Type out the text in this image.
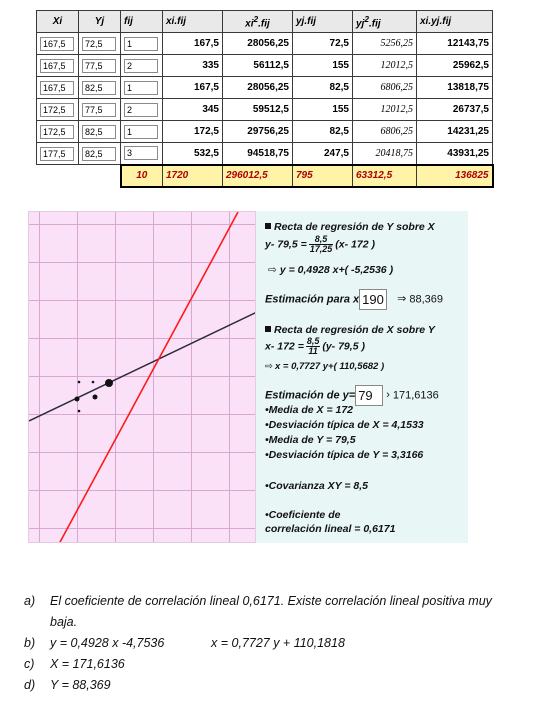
Xi	Yj	fij	xi.fij	$xi^2.fij$	yj.fij	$yj^2.fij$	xi.yj.fij
167,5	72,5	1	167,5	28056,25	72,5	5256,25	12143,75
167,5	77,5	2	335	56112,5	155	12012,5	25962,5
167,5	82,5	1	167,5	28056,25	82,5	6806,25	13818,75
172,5	77,5	2	345	59512,5	155	12012,5	26737,5
172,5	82,5	1	172,5	29756,25	82,5	6806,25	14231,25
177,5	82,5	3	532,5	94518,75	247,5	20418,75	43931,25
		10	1720	296012,5	795	63312,5	136825
Recta de regresión de Y sobre X
y- $79,5 = \frac{8,5}{17,25} (x-$ 172 )
⇨ y = 0,4928 x+( -5,2536 )
Estimación para x 190 ⇒ 88,369
Recta de regresión de X sobre Y
x- $172 = \frac{8,5}{11} (y-$ 79,5 )
⇨ x = 0,7727 y+( 110,5682 )
Estimación de y= 79 › 171,6136
•Media de X = 172
•Desviación típica de X = 4,1533
•Media de Y = 79,5
•Desviación típica de Y = 3,3166
•Covarianza XY = 8,5
•Coeficiente de
correlación lineal = 0,6171
a) El coeficiente de correlación lineal 0,6171. Existe correlación lineal positiva muy
baja.
b) y = 0,4928 x -4,7536	x = 0,7727 y + 110,1818
c) X = 171,6136
d) Y = 88,369
